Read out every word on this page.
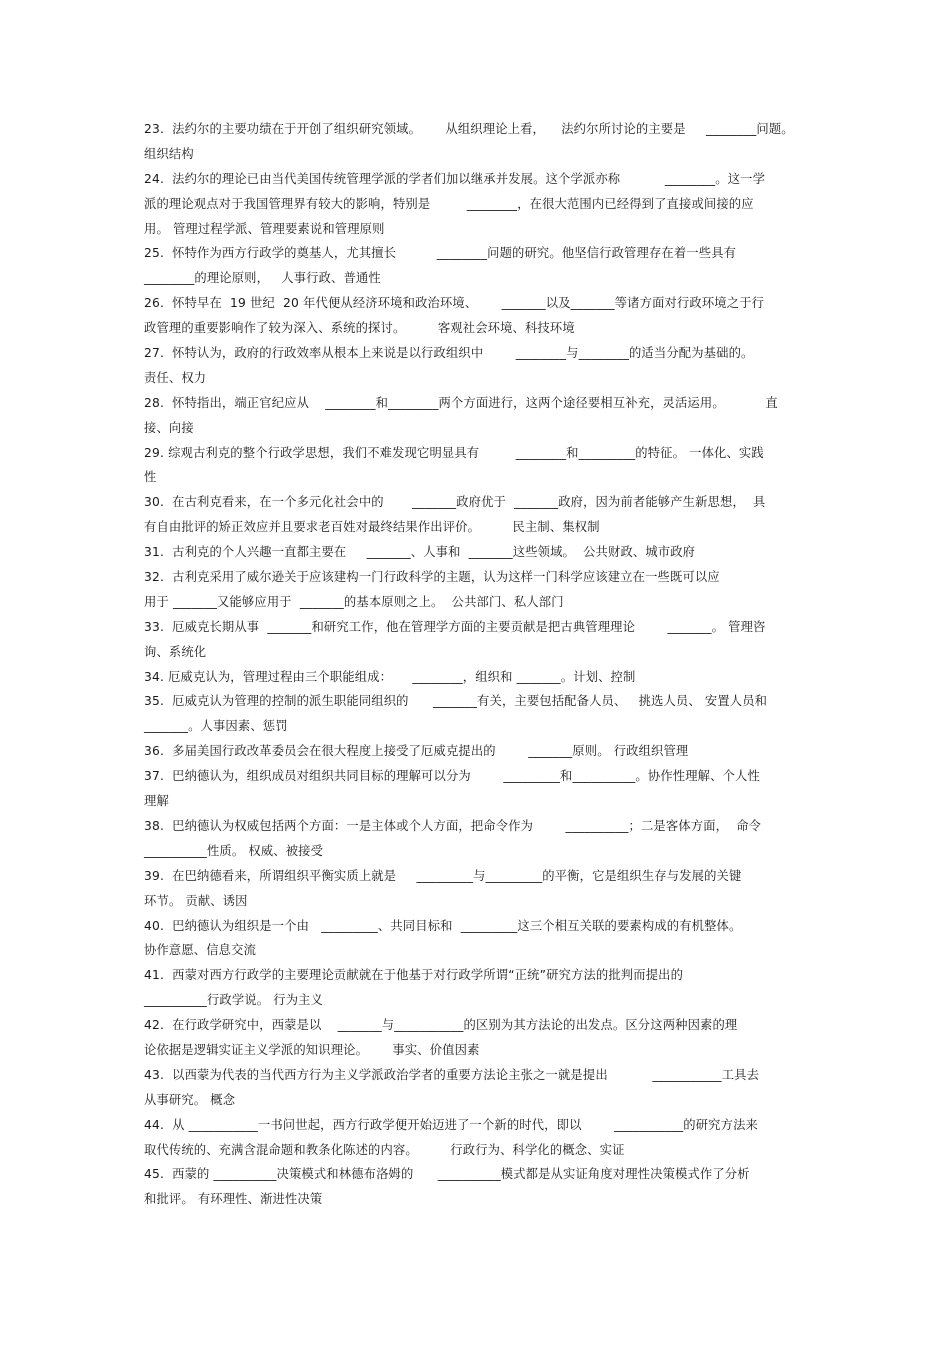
23.  法约尔的主要功绩在于开创了组织研究领域。      从组织理论上看，    法约尔所讨论的主要是     ________问题。
组织结构
24.  法约尔的理论已由当代美国传统管理学派的学者们加以继承并发展。这个学派亦称           ________。这一学
派的理论观点对于我国管理界有较大的影响，特别是         ________，在很大范围内已经得到了直接或间接的应
用。 管理过程学派、管理要素说和管理原则
25.  怀特作为西方行政学的奠基人，尤其擅长          ________问题的研究。他坚信行政管理存在着一些具有
________的理论原则，   人事行政、普通性
26.  怀特早在  19 世纪  20 年代便从经济环境和政治环境、      _______以及_______等诸方面对行政环境之于行
政管理的重要影响作了较为深入、系统的探讨。        客观社会环境、科技环境
27.  怀特认为，政府的行政效率从根本上来说是以行政组织中        ________与________的适当分配为基础的。
责任、权力
28.  怀特指出，端正官纪应从    ________和________两个方面进行，这两个途径要相互补充，灵活运用。          直
接、向接
29. 综观古利克的整个行政学思想，我们不难发现它明显具有         ________和_________的特征。 一体化、实践
性
30.  在古利克看来，在一个多元化社会中的       _______政府优于  _______政府，因为前者能够产生新思想，  具
有自由批评的矫正效应并且要求老百姓对最终结果作出评价。        民主制、集权制
31.  古利克的个人兴趣一直都主要在     _______、人事和  _______这些领域。  公共财政、城市政府
32.  古利克采用了威尔逊关于应该建构一门行政科学的主题，认为这样一门科学应该建立在一些既可以应
用于 _______又能够应用于  _______的基本原则之上。  公共部门、私人部门
33.  厄威克长期从事  _______和研究工作，他在管理学方面的主要贡献是把古典管理理论        _______。 管理咨
询、系统化
34. 厄威克认为，管理过程由三个职能组成：     ________，组织和 _______。计划、控制
35.  厄威克认为管理的控制的派生职能同组织的      _______有关，主要包括配备人员、   挑选人员、 安置人员和
_______。人事因素、惩罚
36.  多届美国行政改革委员会在很大程度上接受了厄威克提出的        _______原则。 行政组织管理
37.  巴纳德认为，组织成员对组织共同目标的理解可以分为        _________和__________。协作性理解、个人性
理解
38.  巴纳德认为权威包括两个方面：一是主体或个人方面，把命令作为        __________；二是客体方面，  命令
__________性质。 权威、被接受
39.  在巴纳德看来，所谓组织平衡实质上就是     _________与_________的平衡，它是组织生存与发展的关键
环节。 贡献、诱因
40.  巴纳德认为组织是一个由   _________、共同目标和  _________这三个相互关联的要素构成的有机整体。
协作意愿、信息交流
41.  西蒙对西方行政学的主要理论贡献就在于他基于对行政学所谓“正统”研究方法的批判而提出的
__________行政学说。 行为主义
42.  在行政学研究中，西蒙是以    _______与___________的区别为其方法论的出发点。区分这两种因素的理
论依据是逻辑实证主义学派的知识理论。      事实、价值因素
43.  以西蒙为代表的当代西方行为主义学派政治学者的重要方法论主张之一就是提出           ___________工具去
从事研究。 概念
44.  从 ___________一书问世起，西方行政学便开始迈进了一个新的时代，即以        ___________的研究方法来
取代传统的、充满含混命题和教条化陈述的内容。        行政行为、科学化的概念、实证
45.  西蒙的 __________决策模式和林德布洛姆的      __________模式都是从实证角度对理性决策模式作了分析
和批评。 有环理性、渐进性决策
